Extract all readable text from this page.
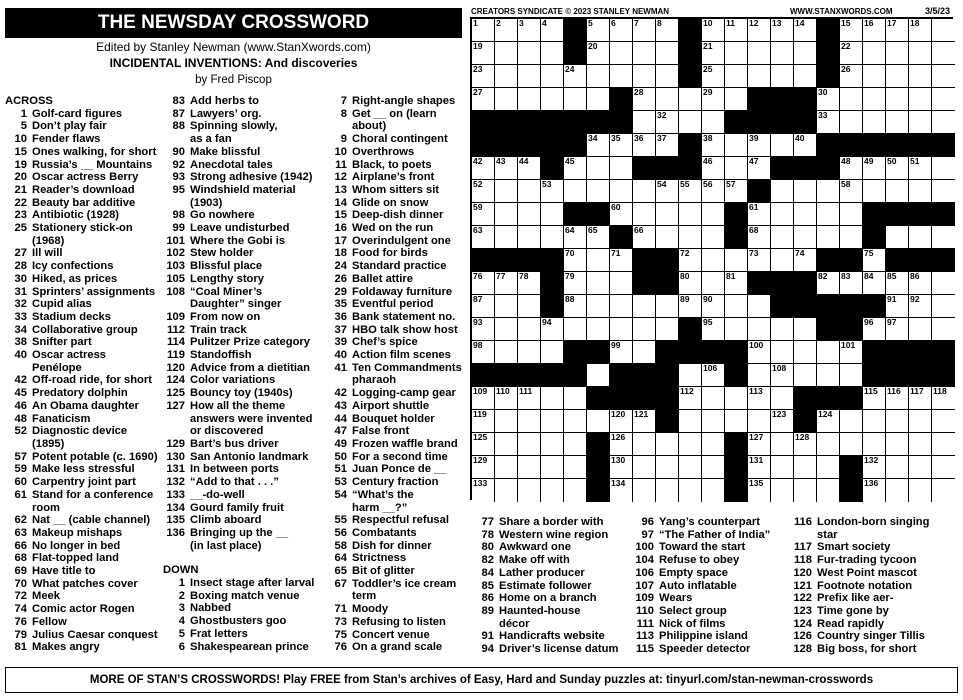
THE NEWSDAY CROSSWORD
Edited by Stanley Newman (www.StanXwords.com)
INCIDENTAL INVENTIONS: And discoveries
by Fred Piscop
CREATORS SYNDICATE © 2023 STANLEY NEWMAN	WWW.STANXWORDS.COM	3/5/23
1 2 3 4	5 6 7 8	10 11 12 13 14	15 16 17 18
19	20	21	22
23	24	25	26
27	28	29	30
32	33
34 35 36 37	38	39	40
42 43 44	45	46	47	48 49 50 51
52	53	54 55 56 57	58
59	60	61
63	64 65	66	68
70	71	72	73	74	75
76 77 78	79	80	81	82 83 84 85 86
87	88	89 90	91 92
93	94	95	96 97
98	99	100	101
106	108
109 110 111	112	113	115 116 117 118
119	120 121	123	124
125	126	127	128
129	130	131	132
133	134	135	136
ACROSS
1 Golf-card figures
5 Don’t play fair
10 Fender flaws
15 Ones walking, for short
19 Russia’s __ Mountains
20 Oscar actress Berry
21 Reader’s download
22 Beauty bar additive
23 Antibiotic (1928)
25 Stationery stick-on
(1968)
27 Ill will
28 Icy confections
30 Hiked, as prices
31 Sprinters’ assignments
32 Cupid alias
33 Stadium decks
34 Collaborative group
38 Snifter part
40 Oscar actress
Penélope
42 Off-road ride, for short
45 Predatory dolphin
46 An Obama daughter
48 Fanaticism
52 Diagnostic device
(1895)
57 Potent potable (c. 1690)
59 Make less stressful
60 Carpentry joint part
61 Stand for a conference
room
62 Nat __ (cable channel)
63 Makeup mishaps
66 No longer in bed
68 Flat-topped land
69 Have title to
70 What patches cover
72 Meek
74 Comic actor Rogen
76 Fellow
79 Julius Caesar conquest
81 Makes angry
83 Add herbs to
87 Lawyers’ org.
88 Spinning slowly,
as a fan
90 Make blissful
92 Anecdotal tales
93 Strong adhesive (1942)
95 Windshield material
(1903)
98 Go nowhere
99 Leave undisturbed
101 Where the Gobi is
102 Stew holder
103 Blissful place
105 Lengthy story
108 “Coal Miner’s
Daughter” singer
109 From now on
112 Train track
114 Pulitzer Prize category
119 Standoffish
120 Advice from a dietitian
124 Color variations
125 Bouncy toy (1940s)
127 How all the theme
answers were invented
or discovered
129 Bart’s bus driver
130 San Antonio landmark
131 In between ports
132 “Add to that . . .”
133 __-do-well
134 Gourd family fruit
135 Climb aboard
136 Bringing up the __
(in last place)
DOWN
1 Insect stage after larval
2 Boxing match venue
3 Nabbed
4 Ghostbusters goo
5 Frat letters
6 Shakespearean prince
7 Right-angle shapes
8 Get __ on (learn
about)
9 Choral contingent
10 Overthrows
11 Black, to poets
12 Airplane’s front
13 Whom sitters sit
14 Glide on snow
15 Deep-dish dinner
16 Wed on the run
17 Overindulgent one
18 Food for birds
24 Standard practice
26 Ballet attire
29 Foldaway furniture
35 Eventful period
36 Bank statement no.
37 HBO talk show host
39 Chef’s spice
40 Action film scenes
41 Ten Commandments
pharaoh
42 Logging-camp gear
43 Airport shuttle
44 Bouquet holder
47 False front
49 Frozen waffle brand
50 For a second time
51 Juan Ponce de __
53 Century fraction
54 “What’s the
harm __?”
55 Respectful refusal
56 Combatants
58 Dish for dinner
64 Strictness
65 Bit of glitter
67 Toddler’s ice cream
term
71 Moody
73 Refusing to listen
75 Concert venue
76 On a grand scale
77 Share a border with
78 Western wine region
80 Awkward one
82 Make off with
84 Lather producer
85 Estimate follower
86 Home on a branch
89 Haunted-house
décor
91 Handicrafts website
94 Driver’s license datum
96 Yang’s counterpart
97 “The Father of India”
100 Toward the start
104 Refuse to obey
106 Empty space
107 Auto inflatable
109 Wears
110 Select group
111 Nick of films
113 Philippine island
115 Speeder detector
116 London-born singing
star
117 Smart society
118 Fur-trading tycoon
120 West Point mascot
121 Footnote notation
122 Prefix like aer-
123 Time gone by
124 Read rapidly
126 Country singer Tillis
128 Big boss, for short
MORE OF STAN’S CROSSWORDS! Play FREE from Stan’s archives of Easy, Hard and Sunday puzzles at: tinyurl.com/stan-newman-crosswords
